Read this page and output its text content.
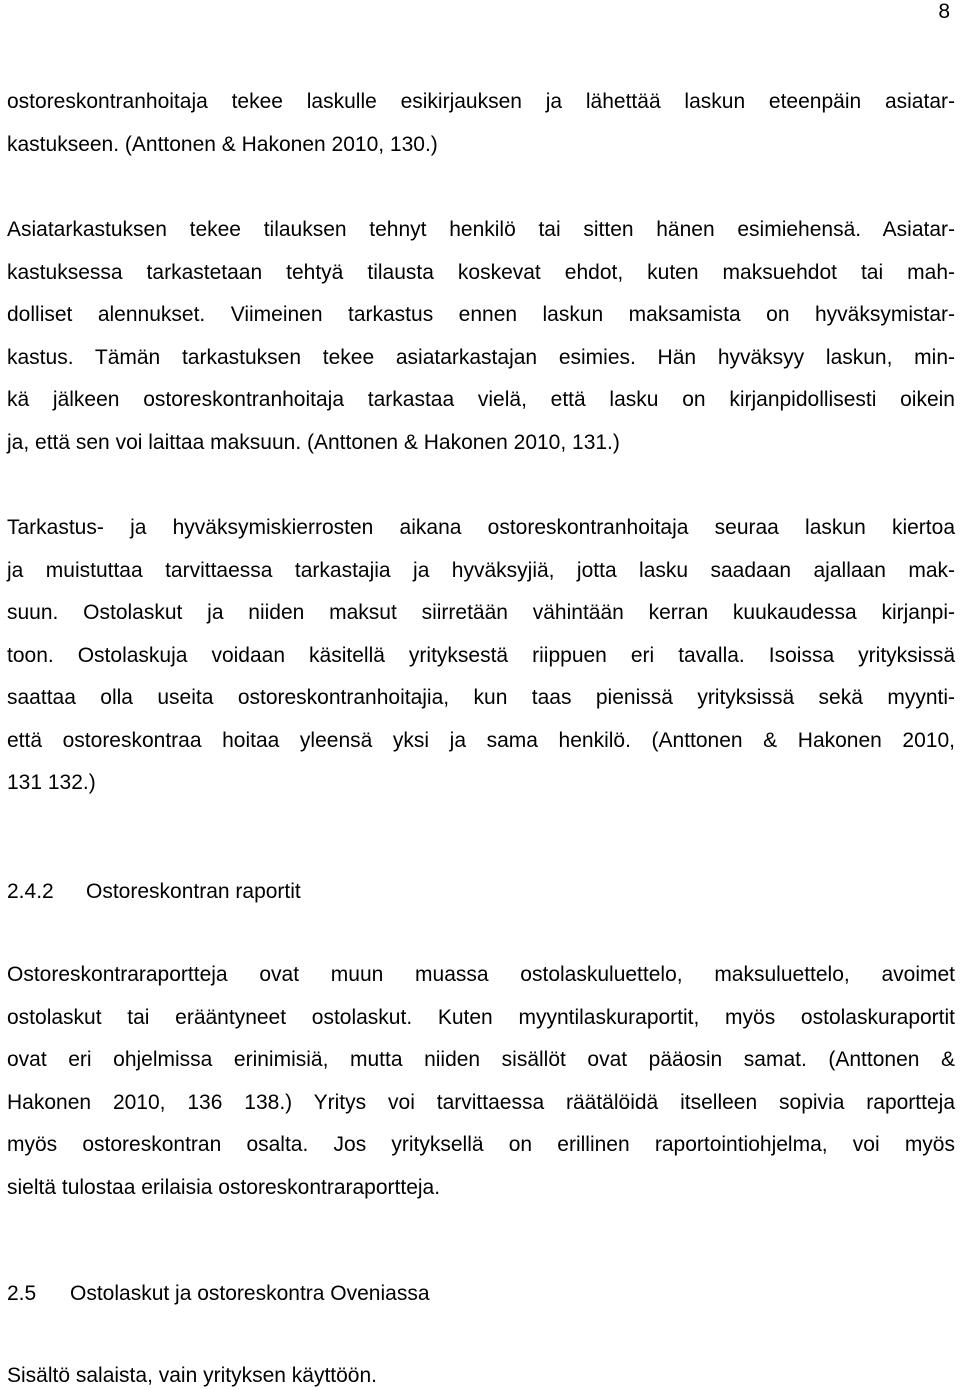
8
ostoreskontranhoitaja tekee laskulle esikirjauksen ja lähettää laskun eteenpäin asiatar-
kastukseen. (Anttonen & Hakonen 2010, 130.)
Asiatarkastuksen tekee tilauksen tehnyt henkilö tai sitten hänen esimiehensä. Asiatar-
kastuksessa tarkastetaan tehtyä tilausta koskevat ehdot, kuten maksuehdot tai mah-
dolliset alennukset. Viimeinen tarkastus ennen laskun maksamista on hyväksymistar-
kastus. Tämän tarkastuksen tekee asiatarkastajan esimies. Hän hyväksyy laskun, min-
kä jälkeen ostoreskontranhoitaja tarkastaa vielä, että lasku on kirjanpidollisesti oikein
ja, että sen voi laittaa maksuun. (Anttonen & Hakonen 2010, 131.)
Tarkastus- ja hyväksymiskierrosten aikana ostoreskontranhoitaja seuraa laskun kiertoa
ja muistuttaa tarvittaessa tarkastajia ja hyväksyjiä, jotta lasku saadaan ajallaan mak-
suun. Ostolaskut ja niiden maksut siirretään vähintään kerran kuukaudessa kirjanpi-
toon. Ostolaskuja voidaan käsitellä yrityksestä riippuen eri tavalla. Isoissa yrityksissä
saattaa olla useita ostoreskontranhoitajia, kun taas pienissä yrityksissä sekä myynti-
että ostoreskontraa hoitaa yleensä yksi ja sama henkilö. (Anttonen & Hakonen 2010,
131 132.)
2.4.2 Ostoreskontran raportit
Ostoreskontraraportteja ovat muun muassa ostolaskuluettelo, maksuluettelo, avoimet
ostolaskut tai erääntyneet ostolaskut. Kuten myyntilaskuraportit, myös ostolaskuraportit
ovat eri ohjelmissa erinimisiä, mutta niiden sisällöt ovat pääosin samat. (Anttonen &
Hakonen 2010, 136 138.) Yritys voi tarvittaessa räätälöidä itselleen sopivia raportteja
myös ostoreskontran osalta. Jos yrityksellä on erillinen raportointiohjelma, voi myös
sieltä tulostaa erilaisia ostoreskontraraportteja.
2.5 Ostolaskut ja ostoreskontra Oveniassa
Sisältö salaista, vain yrityksen käyttöön.
